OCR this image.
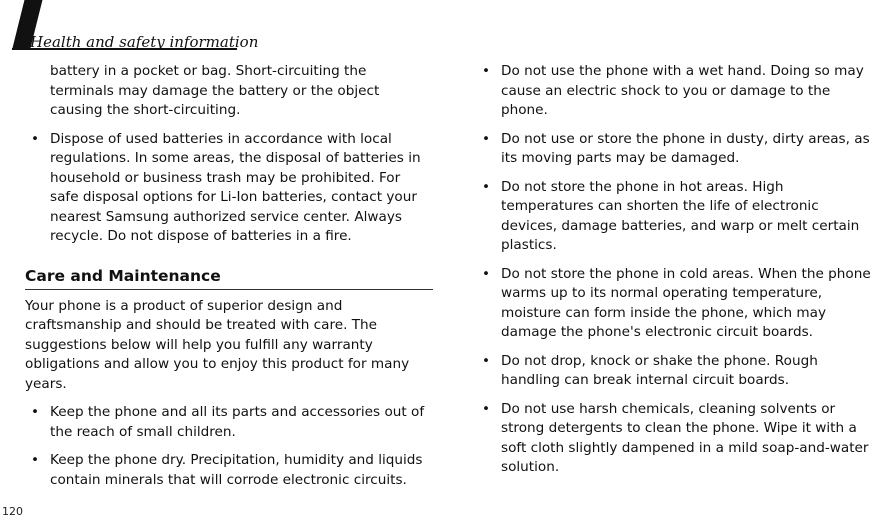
Health and safety information

battery in a pocket or bag. Short-circuiting the terminals may damage the battery or the object causing the short-circuiting.

• Dispose of used batteries in accordance with local regulations. In some areas, the disposal of batteries in household or business trash may be prohibited. For safe disposal options for Li-Ion batteries, contact your nearest Samsung authorized service center. Always recycle. Do not dispose of batteries in a fire.
Care and Maintenance

Your phone is a product of superior design and craftsmanship and should be treated with care. The suggestions below will help you fulfill any warranty obligations and allow you to enjoy this product for many years.

• Keep the phone and all its parts and accessories out of the reach of small children.
• Keep the phone dry. Precipitation, humidity and liquids contain minerals that will corrode electronic circuits.
• Do not use the phone with a wet hand. Doing so may cause an electric shock to you or damage to the phone.
• Do not use or store the phone in dusty, dirty areas, as its moving parts may be damaged.
• Do not store the phone in hot areas. High temperatures can shorten the life of electronic devices, damage batteries, and warp or melt certain plastics.
• Do not store the phone in cold areas. When the phone warms up to its normal operating temperature, moisture can form inside the phone, which may damage the phone's electronic circuit boards.
• Do not drop, knock or shake the phone. Rough handling can break internal circuit boards.
• Do not use harsh chemicals, cleaning solvents or strong detergents to clean the phone. Wipe it with a soft cloth slightly dampened in a mild soap-and-water solution.
120
